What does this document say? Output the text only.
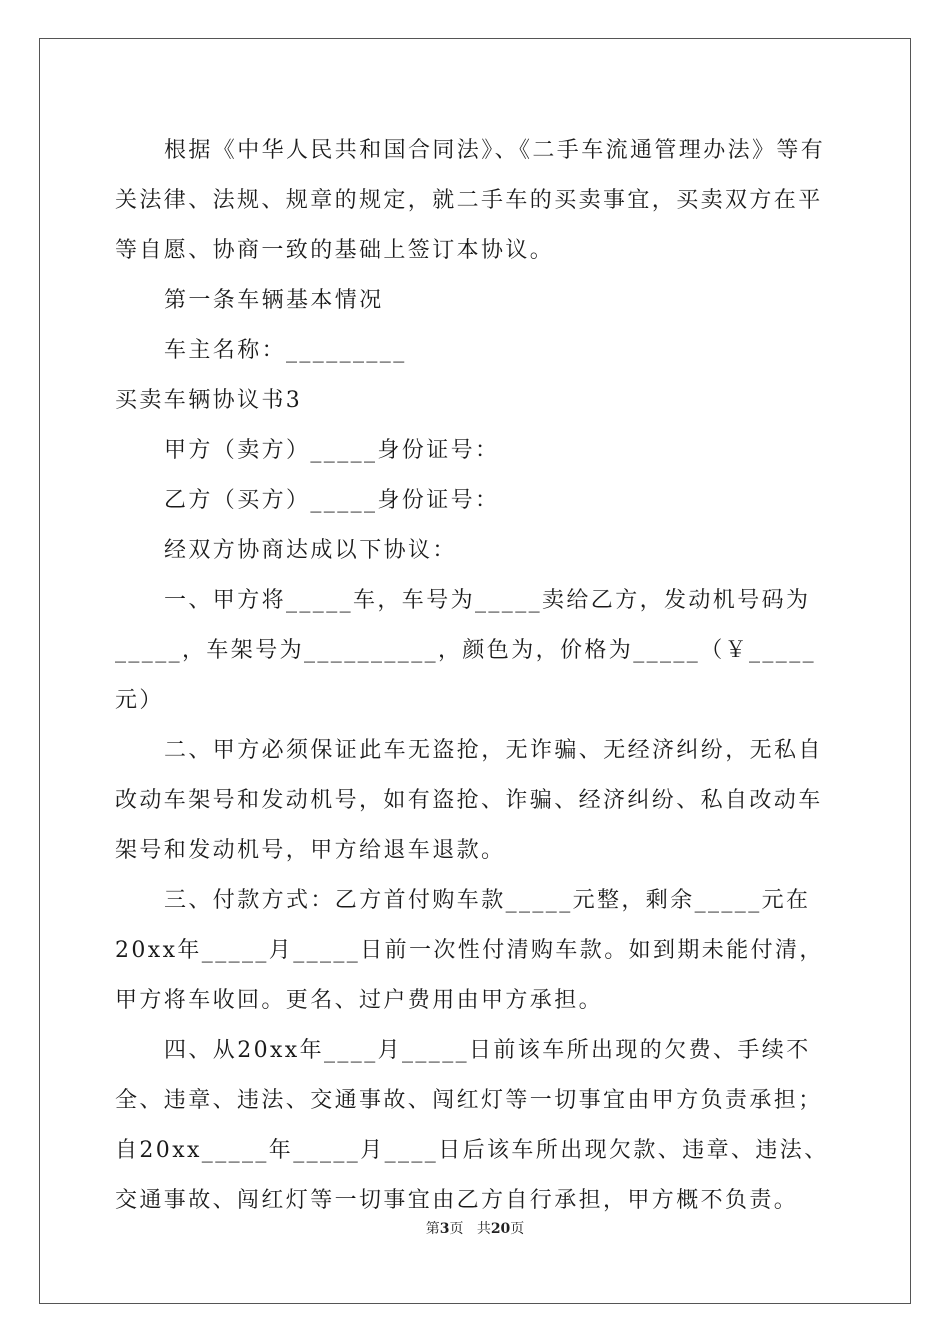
根据《中华人民共和国合同法》、《二手车流通管理办法》等有关法律、法规、规章的规定，就二手车的买卖事宜，买卖双方在平等自愿、协商一致的基础上签订本协议。

第一条车辆基本情况

车主名称：_________

买卖车辆协议书3

甲方（卖方）_____身份证号：

乙方（买方）_____身份证号：

经双方协商达成以下协议：

一、甲方将_____车，车号为_____卖给乙方，发动机号码为_____，车架号为__________，颜色为，价格为_____（￥_____元）

二、甲方必须保证此车无盗抢，无诈骗、无经济纠纷，无私自改动车架号和发动机号，如有盗抢、诈骗、经济纠纷、私自改动车架号和发动机号，甲方给退车退款。

三、付款方式：乙方首付购车款_____元整，剩余_____元在20xx年_____月_____日前一次性付清购车款。如到期未能付清，甲方将车收回。更名、过户费用由甲方承担。

四、从20xx年____月_____日前该车所出现的欠费、手续不全、违章、违法、交通事故、闯红灯等一切事宜由甲方负责承担；自20xx_____年_____月____日后该车所出现欠款、违章、违法、交通事故、闯红灯等一切事宜由乙方自行承担，甲方概不负责。

第3页 共20页
